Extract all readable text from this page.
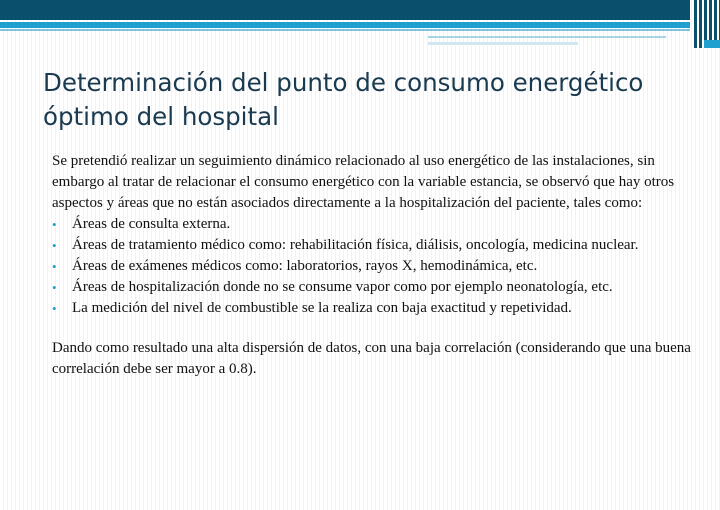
Determinación del punto de consumo energético óptimo del hospital

Se pretendió realizar un seguimiento dinámico relacionado al uso energético de las instalaciones, sin embargo al tratar de relacionar el consumo energético con la variable estancia, se observó que hay otros aspectos y áreas que no están asociados directamente a la hospitalización del paciente, tales como:

• Áreas de consulta externa.
• Áreas de tratamiento médico como: rehabilitación física, diálisis, oncología, medicina nuclear.
• Áreas de exámenes médicos como: laboratorios, rayos X, hemodinámica, etc.
• Áreas de hospitalización donde no se consume vapor como por ejemplo neonatología, etc.
• La medición del nivel de combustible se la realiza con baja exactitud y repetividad.

Dando como resultado una alta dispersión de datos, con una baja correlación (considerando que una buena correlación debe ser mayor a 0.8).
